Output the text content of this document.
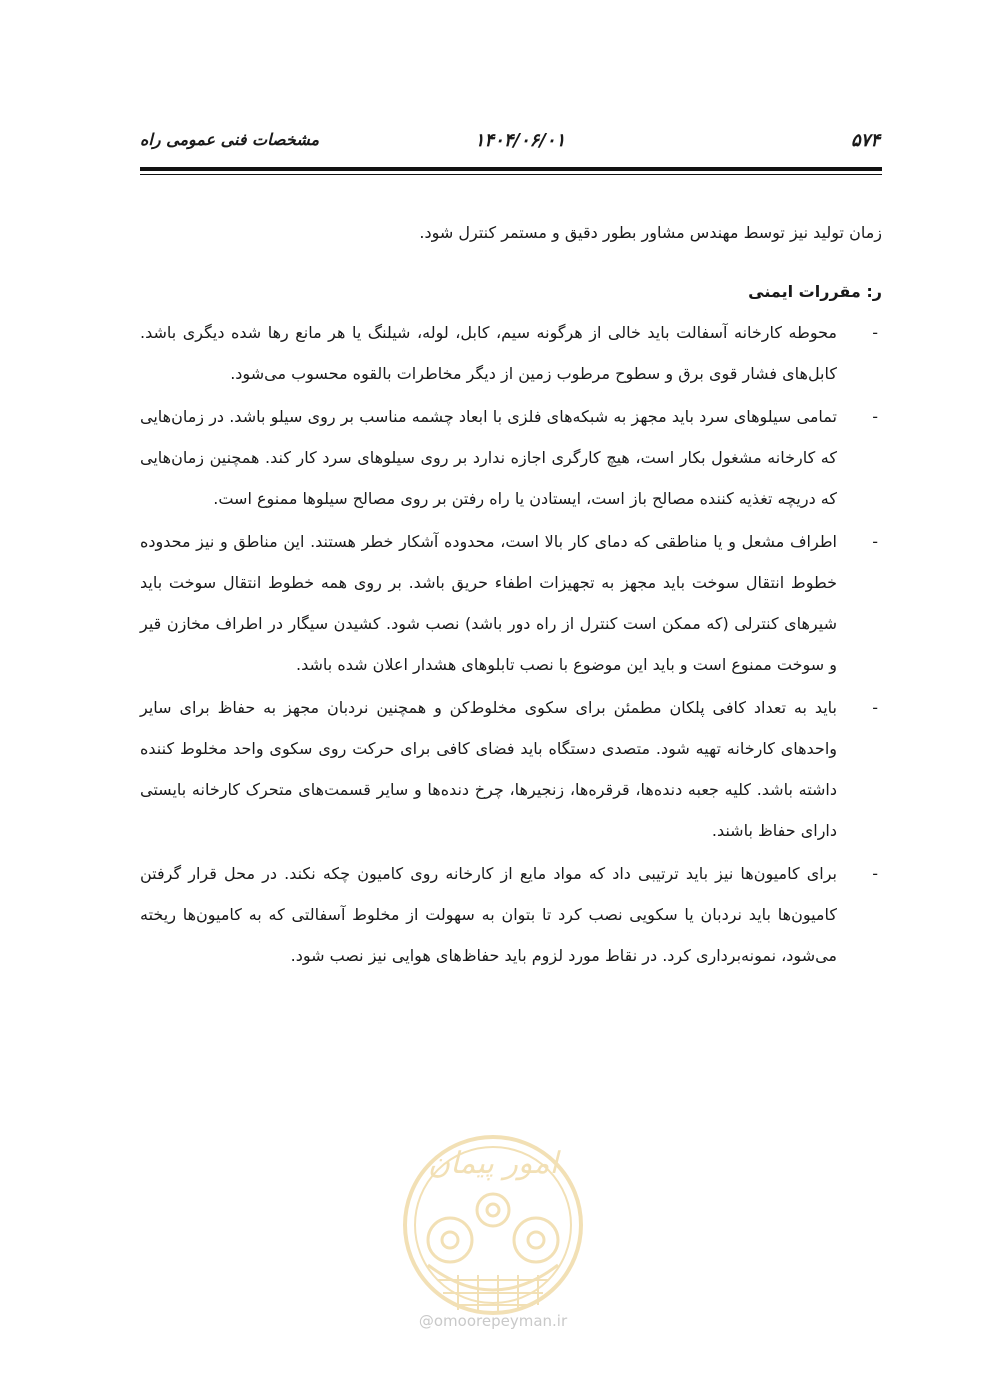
۵۷۴
۱۴۰۴/۰۶/۰۱
مشخصات فنی عمومی راه

زمان تولید نیز توسط مهندس مشاور بطور دقیق و مستمر کنترل شود.

ر: مقررات ایمنی

-
محوطه کارخانه آسفالت باید خالی از هرگونه سیم، کابل، لوله، شیلنگ یا هر مانع رها شده دیگری باشد. کابل‌های فشار قوی برق و سطوح مرطوب زمین از دیگر مخاطرات بالقوه محسوب می‌شود.
-
تمامی سیلوهای سرد باید مجهز به شبکه‌های فلزی با ابعاد چشمه مناسب بر روی سیلو باشد. در زمان‌هایی که کارخانه مشغول بکار است، هیچ کارگری اجازه ندارد بر روی سیلوهای سرد کار کند. همچنین زمان‌هایی که دریچه تغذیه کننده مصالح باز است، ایستادن یا راه رفتن بر روی مصالح سیلوها ممنوع است.
-
اطراف مشعل و یا مناطقی که دمای کار بالا است، محدوده آشکار خطر هستند. این مناطق و نیز محدوده خطوط انتقال سوخت باید مجهز به تجهیزات اطفاء حریق باشد. بر روی همه خطوط انتقال سوخت باید شیرهای کنترلی (که ممکن است کنترل از راه دور باشد) نصب شود. کشیدن سیگار در اطراف مخازن قیر و سوخت ممنوع است و باید این موضوع با نصب تابلوهای هشدار اعلان شده باشد.
-
باید به تعداد کافی پلکان مطمئن برای سکوی مخلوط‌کن و همچنین نردبان مجهز به حفاظ برای سایر واحدهای کارخانه تهیه شود. متصدی دستگاه باید فضای کافی برای حرکت روی سکوی واحد مخلوط کننده داشته باشد. کلیه جعبه دنده‌ها، قرقره‌ها، زنجیرها، چرخ دنده‌ها و سایر قسمت‌های متحرک کارخانه بایستی دارای حفاظ باشند.
-
برای کامیون‌ها نیز باید ترتیبی داد که مواد مایع از کارخانه روی کامیون چکه نکند. در محل قرار گرفتن کامیون‌ها باید نردبان یا سکویی نصب کرد تا بتوان به سهولت از مخلوط آسفالتی که به کامیون‌ها ریخته می‌شود، نمونه‌برداری کرد. در نقاط مورد لزوم باید حفاظ‌های هوایی نیز نصب شود.
امور پیمان
@omoorepeyman.ir
